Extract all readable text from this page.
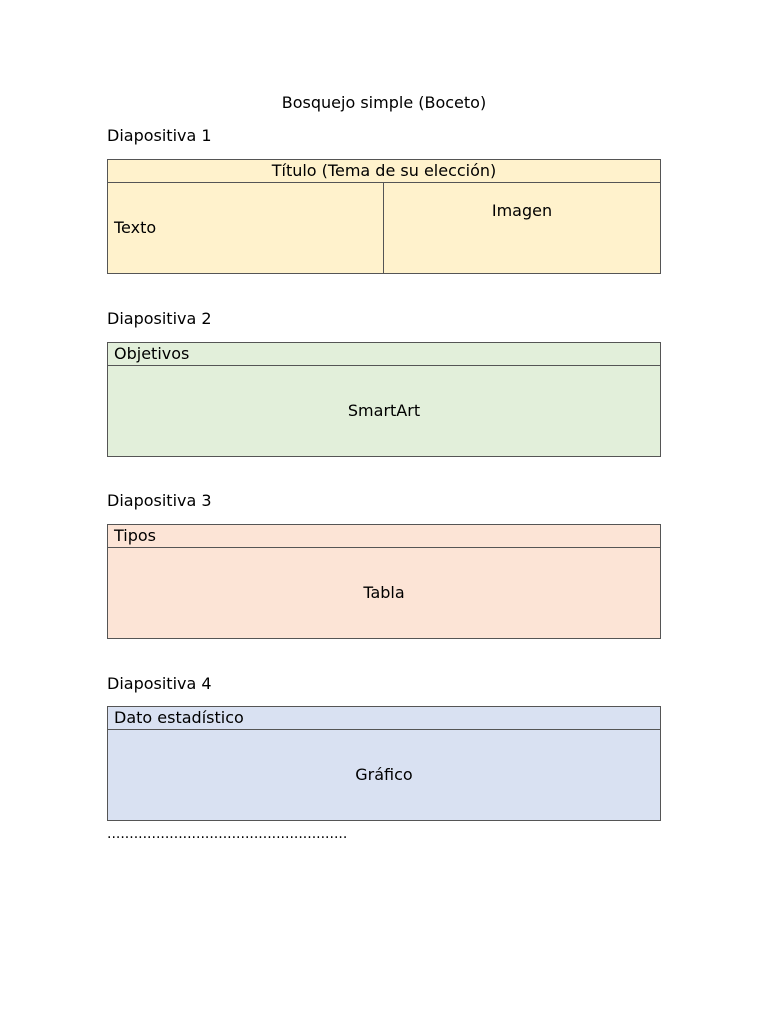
Bosquejo simple (Boceto)
Diapositiva 1
Título (Tema de su elección)
Texto
Imagen
Diapositiva 2
Objetivos
SmartArt
Diapositiva 3
Tipos
Tabla
Diapositiva 4
Dato estadístico
Gráfico
......................................................
